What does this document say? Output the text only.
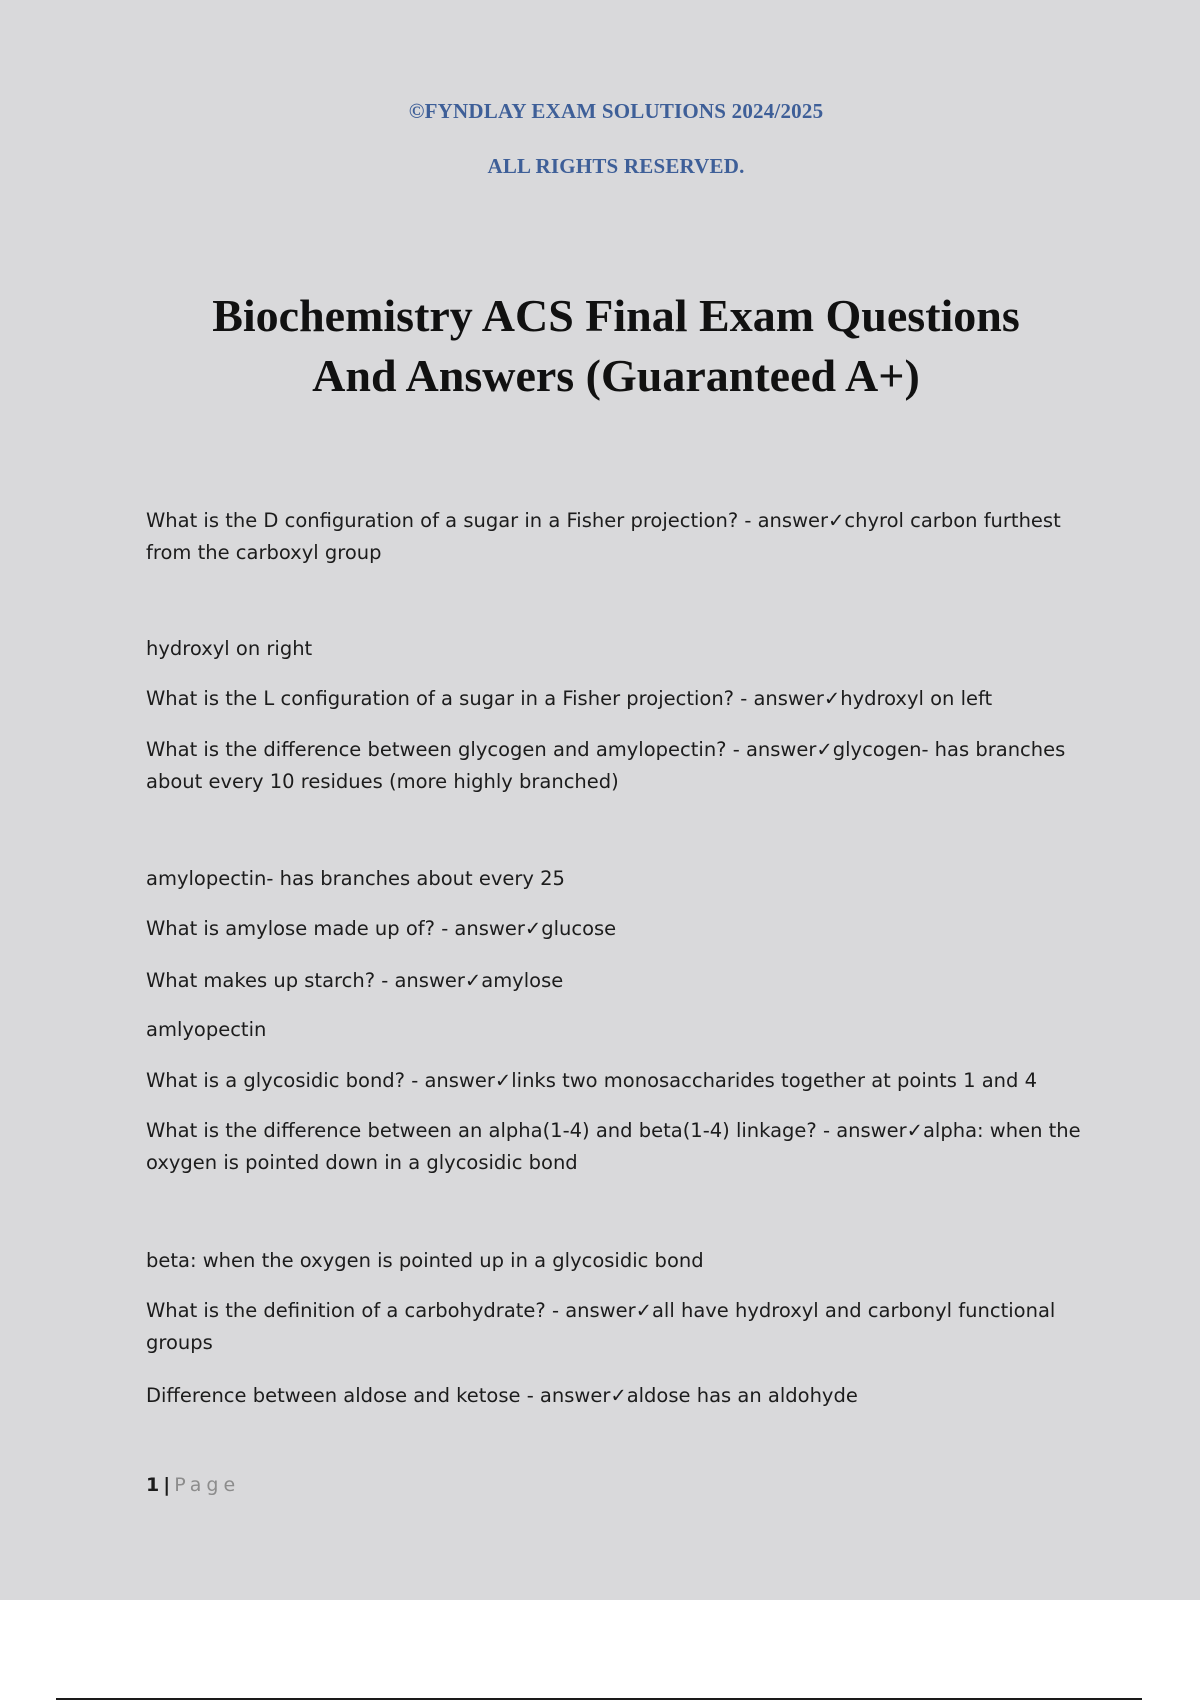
©FYNDLAY EXAM SOLUTIONS 2024/2025
ALL RIGHTS RESERVED.
Biochemistry ACS Final Exam Questions
And Answers (Guaranteed A+)
What is the D configuration of a sugar in a Fisher projection? - answer✓chyrol carbon furthest
from the carboxyl group
hydroxyl on right
What is the L configuration of a sugar in a Fisher projection? - answer✓hydroxyl on left
What is the difference between glycogen and amylopectin? - answer✓glycogen- has branches
about every 10 residues (more highly branched)
amylopectin- has branches about every 25
What is amylose made up of? - answer✓glucose
What makes up starch? - answer✓amylose
amlyopectin
What is a glycosidic bond? - answer✓links two monosaccharides together at points 1 and 4
What is the difference between an alpha(1-4) and beta(1-4) linkage? - answer✓alpha: when the
oxygen is pointed down in a glycosidic bond
beta: when the oxygen is pointed up in a glycosidic bond
What is the definition of a carbohydrate? - answer✓all have hydroxyl and carbonyl functional
groups
Difference between aldose and ketose - answer✓aldose has an aldohyde
1 | Page
